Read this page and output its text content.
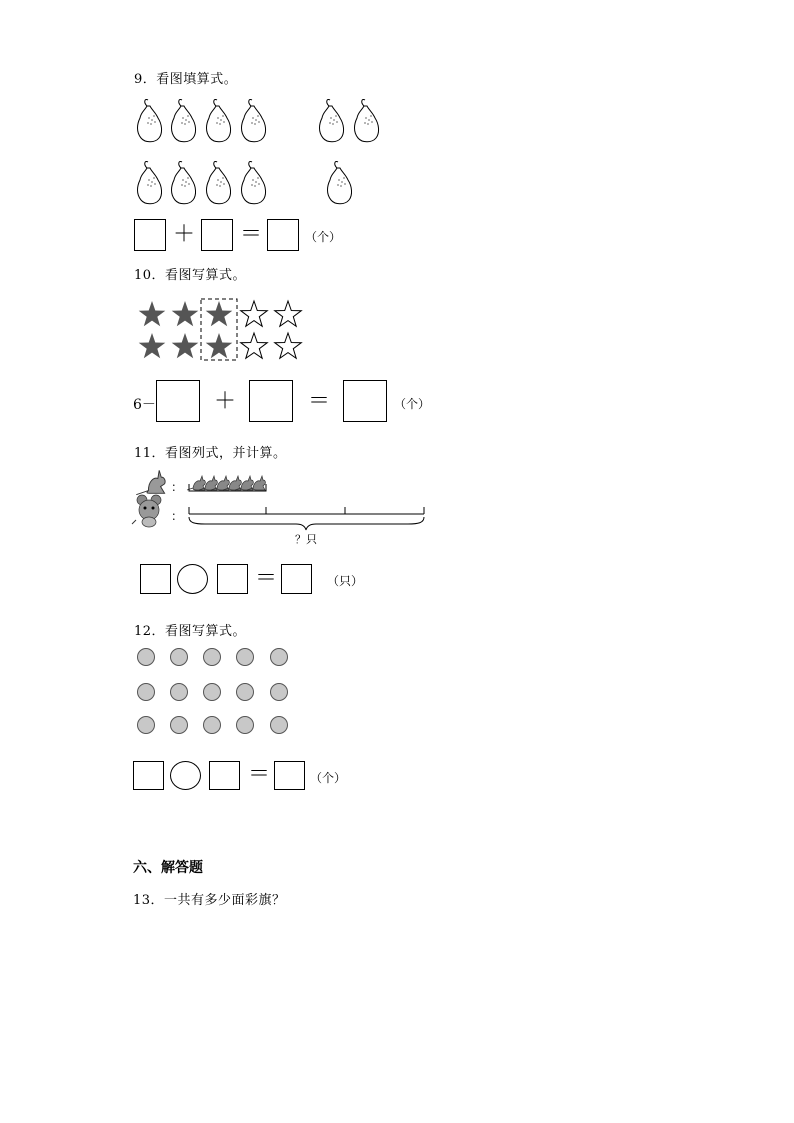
9．看图填算式。
＋ ＝	（个）
10．看图写算式。
6－	＋	＝	（个）
11．看图列式，并计算。
：
：
？只
＝	（只）
12．看图写算式。
＝	（个）
六、解答题
13．一共有多少面彩旗？
